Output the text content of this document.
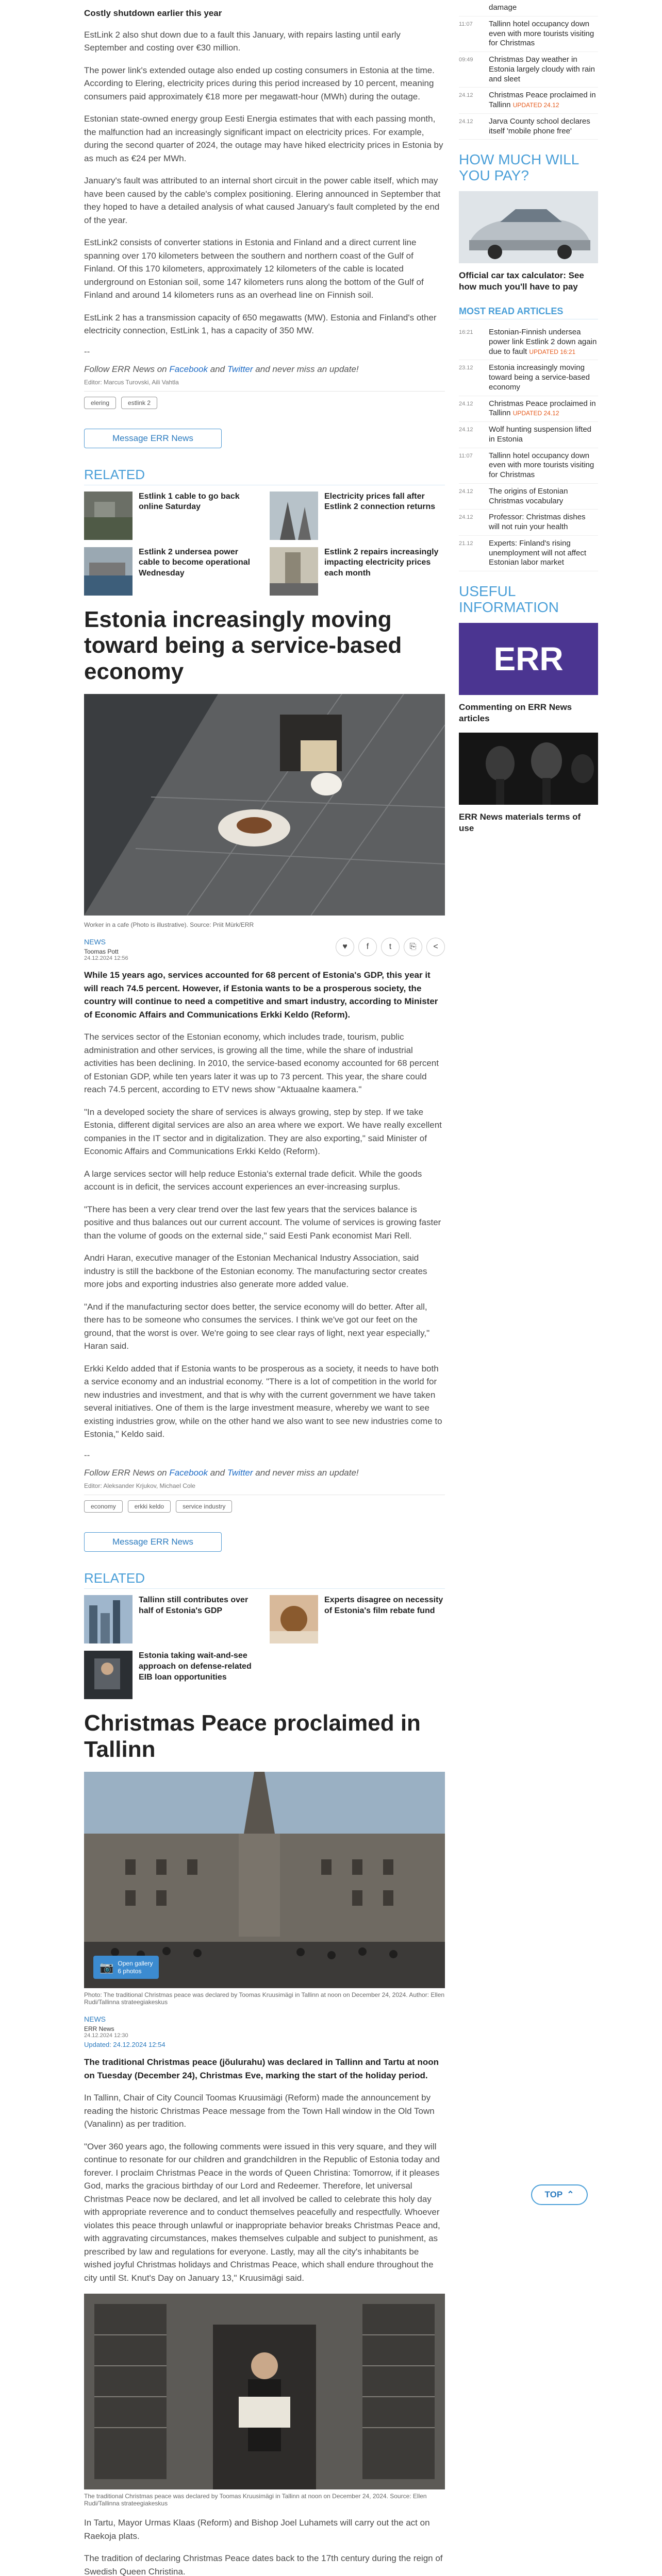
Costly shutdown earlier this year

EstLink 2 also shut down due to a fault this January, with repairs lasting until early September and costing over €30 million.

The power link's extended outage also ended up costing consumers in Estonia at the time. According to Elering, electricity prices during this period increased by 10 percent, meaning consumers paid approximately €18 more per megawatt-hour (MWh) during the outage.

Estonian state-owned energy group Eesti Energia estimates that with each passing month, the malfunction had an increasingly significant impact on electricity prices. For example, during the second quarter of 2024, the outage may have hiked electricity prices in Estonia by as much as €24 per MWh.

January's fault was attributed to an internal short circuit in the power cable itself, which may have been caused by the cable's complex positioning. Elering announced in September that they hoped to have a detailed analysis of what caused January's fault completed by the end of the year.

EstLink2 consists of converter stations in Estonia and Finland and a direct current line spanning over 170 kilometers between the southern and northern coast of the Gulf of Finland. Of this 170 kilometers, approximately 12 kilometers of the cable is located underground on Estonian soil, some 147 kilometers runs along the bottom of the Gulf of Finland and around 14 kilometers runs as an overhead line on Finnish soil.

EstLink 2 has a transmission capacity of 650 megawatts (MW). Estonia and Finland's other electricity connection, EstLink 1, has a capacity of 350 MW.

--

Follow ERR News on Facebook and Twitter and never miss an update!

Editor: Marcus Turovski, Aili Vahtla

elering	estlink 2
Message ERR News
RELATED
Estlink 1 cable to go back online Saturday
Electricity prices fall after Estlink 2 connection returns
Estlink 2 undersea power cable to become operational Wednesday
Estlink 2 repairs increasingly impacting electricity prices each month
Estonia increasingly moving toward being a service-based economy

Worker in a cafe (Photo is illustrative). Source: Priit Mürk/ERR

NEWS
Toomas Pott
24.12.2024 12:56
♥	f	t	⎘	<

While 15 years ago, services accounted for 68 percent of Estonia's GDP, this year it will reach 74.5 percent. However, if Estonia wants to be a prosperous society, the country will continue to need a competitive and smart industry, according to Minister of Economic Affairs and Communications Erkki Keldo (Reform).

The services sector of the Estonian economy, which includes trade, tourism, public administration and other services, is growing all the time, while the share of industrial activities has been declining. In 2010, the service-based economy accounted for 68 percent of Estonian GDP, while ten years later it was up to 73 percent. This year, the share could reach 74.5 percent, according to ETV news show "Aktuaalne kaamera."

"In a developed society the share of services is always growing, step by step. If we take Estonia, different digital services are also an area where we export. We have really excellent companies in the IT sector and in digitalization. They are also exporting," said Minister of Economic Affairs and Communications Erkki Keldo (Reform).

A large services sector will help reduce Estonia's external trade deficit. While the goods account is in deficit, the services account experiences an ever-increasing surplus.

"There has been a very clear trend over the last few years that the services balance is positive and thus balances out our current account. The volume of services is growing faster than the volume of goods on the external side," said Eesti Pank economist Mari Rell.

Andri Haran, executive manager of the Estonian Mechanical Industry Association, said industry is still the backbone of the Estonian economy. The manufacturing sector creates more jobs and exporting industries also generate more added value.

"And if the manufacturing sector does better, the service economy will do better. After all, there has to be someone who consumes the services. I think we've got our feet on the ground, that the worst is over. We're going to see clear rays of light, next year especially," Haran said.

Erkki Keldo added that if Estonia wants to be prosperous as a society, it needs to have both a service economy and an industrial economy. "There is a lot of competition in the world for new industries and investment, and that is why with the current government we have taken several initiatives. One of them is the large investment measure, whereby we want to see existing industries grow, while on the other hand we also want to see new industries come to Estonia," Keldo said.

--

Follow ERR News on Facebook and Twitter and never miss an update!

Editor: Aleksander Krjukov, Michael Cole

economy	erkki keldo	service industry
Message ERR News
RELATED
Tallinn still contributes over half of Estonia's GDP
Experts disagree on necessity of Estonia's film rebate fund
Estonia taking wait-and-see approach on defense-related EIB loan opportunities
Christmas Peace proclaimed in Tallinn
📷 Open gallery
6 photos

Photo: The traditional Christmas peace was declared by Toomas Kruusimägi in Tallinn at noon on December 24, 2024. Author: Ellen Rudi/Tallinna strateegiakeskus

NEWS
ERR News
24.12.2024 12:30
Updated: 24.12.2024 12:54

The traditional Christmas peace (jõulurahu) was declared in Tallinn and Tartu at noon on Tuesday (December 24), Christmas Eve, marking the start of the holiday period.

In Tallinn, Chair of City Council Toomas Kruusimägi (Reform) made the announcement by reading the historic Christmas Peace message from the Town Hall window in the Old Town (Vanalinn) as per tradition.

"Over 360 years ago, the following comments were issued in this very square, and they will continue to resonate for our children and grandchildren in the Republic of Estonia today and forever. I proclaim Christmas Peace in the words of Queen Christina: Tomorrow, if it pleases God, marks the gracious birthday of our Lord and Redeemer. Therefore, let universal Christmas Peace now be declared, and let all involved be called to celebrate this holy day with appropriate reverence and to conduct themselves peacefully and respectfully. Whoever violates this peace through unlawful or inappropriate behavior breaks Christmas Peace and, with aggravating circumstances, makes themselves culpable and subject to punishment, as prescribed by law and regulations for everyone. Lastly, may all the city's inhabitants be wished joyful Christmas holidays and Christmas Peace, which shall endure throughout the city until St. Knut's Day on January 13," Kruusimägi said.

The traditional Christmas peace was declared by Toomas Kruusimägi in Tallinn at noon on December 24, 2024. Source: Ellen Rudi/Tallinna strateegiakeskus

In Tartu, Mayor Urmas Klaas (Reform) and Bishop Joel Luhamets will carry out the act on Raekoja plats.

The tradition of declaring Christmas Peace dates back to the 17th century during the reign of Swedish Queen Christina.

damage
11:07	Tallinn hotel occupancy down even with more tourists visiting for Christmas
09:49	Christmas Day weather in Estonia largely cloudy with rain and sleet
24.12	Christmas Peace proclaimed in Tallinn UPDATED 24.12
24.12	Jarva County school declares itself 'mobile phone free'
HOW MUCH WILL YOU PAY?
Official car tax calculator: See how much you'll have to pay
MOST READ ARTICLES
16:21	Estonian-Finnish undersea power link Estlink 2 down again due to fault UPDATED 16:21
23.12	Estonia increasingly moving toward being a service-based economy
24.12	Christmas Peace proclaimed in Tallinn UPDATED 24.12
24.12	Wolf hunting suspension lifted in Estonia
11:07	Tallinn hotel occupancy down even with more tourists visiting for Christmas
24.12	The origins of Estonian Christmas vocabulary
24.12	Professor: Christmas dishes will not ruin your health
21.12	Experts: Finland's rising unemployment will not affect Estonian labor market
USEFUL INFORMATION
ERR
Commenting on ERR News articles
ERR News materials terms of use
TOP ⌃
